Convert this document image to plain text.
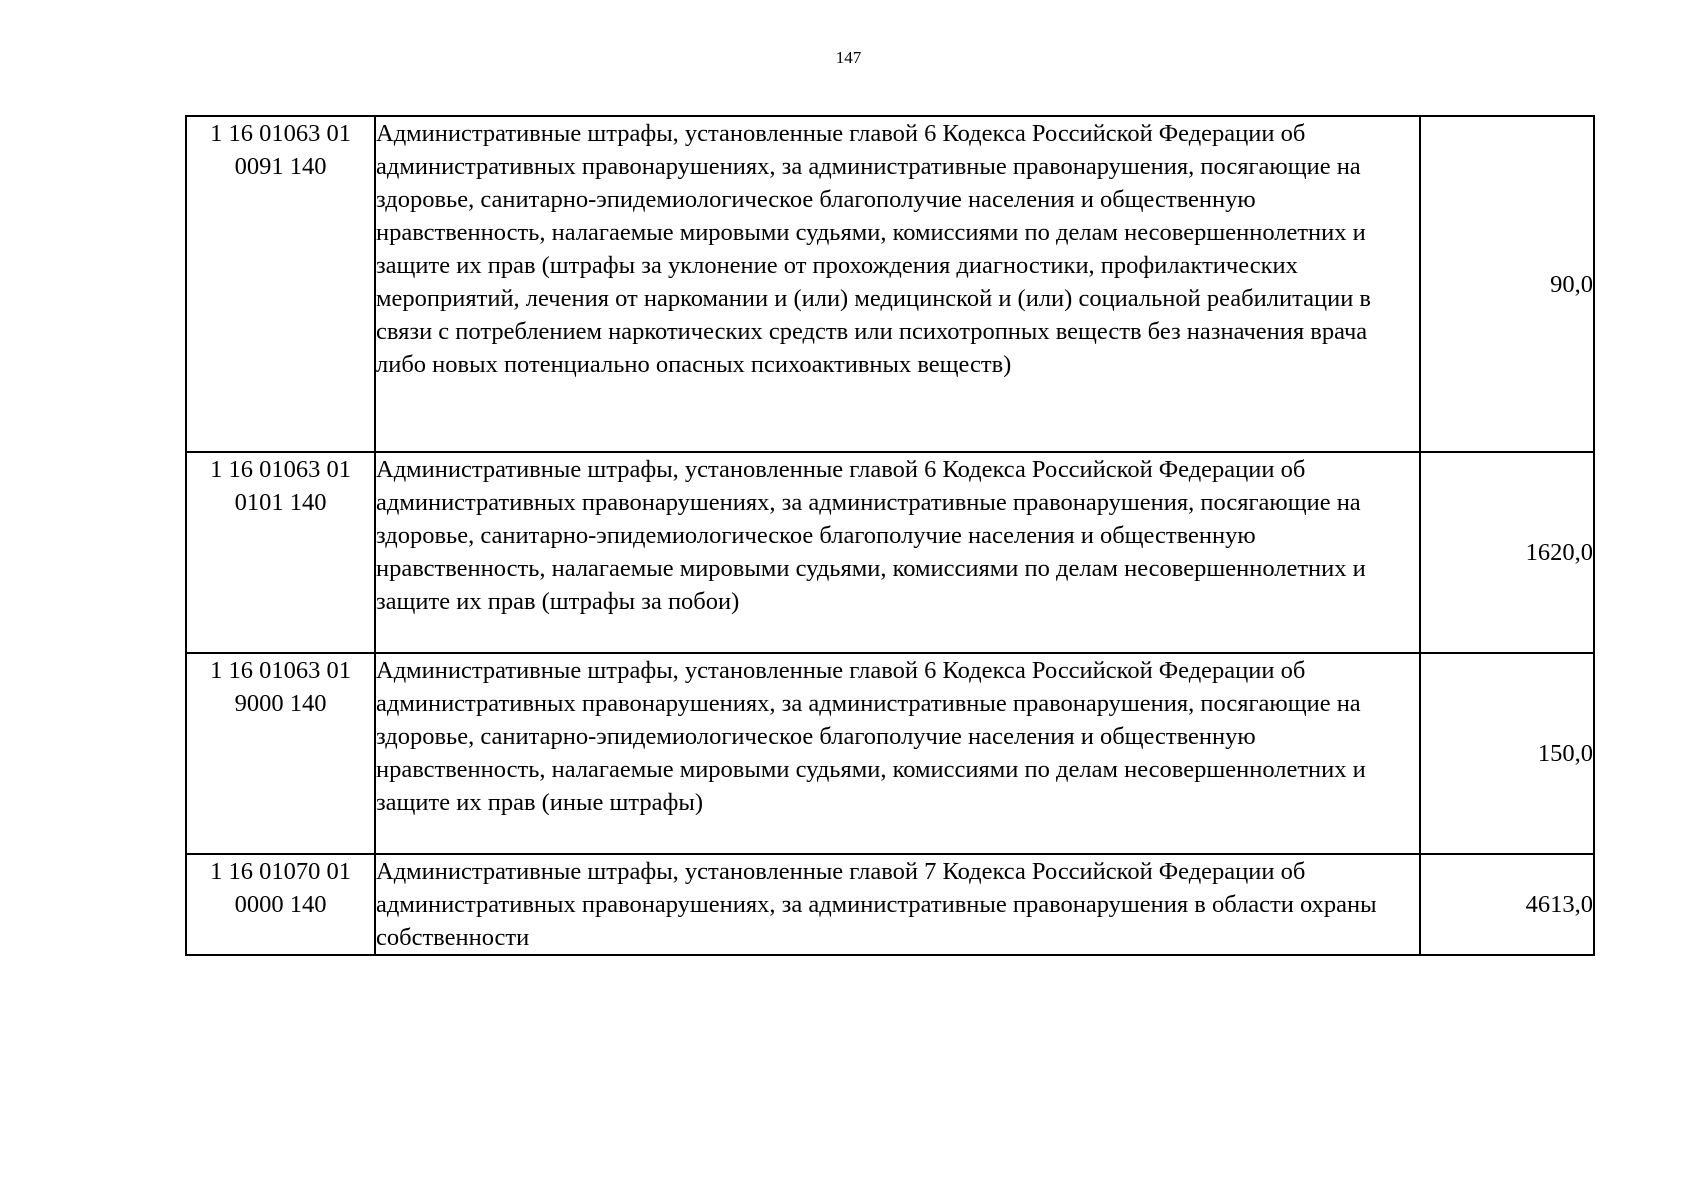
147
1 16 01063 01
0091 140	Административные штрафы, установленные главой 6 Кодекса Российской Федерации об административных правонарушениях, за административные правонарушения, посягающие на здоровье, санитарно-эпидемиологическое благополучие населения и общественную нравственность, налагаемые мировыми судьями, комиссиями по делам несовершеннолетних и защите их прав (штрафы за уклонение от прохождения диагностики, профилактических мероприятий, лечения от наркомании и (или) медицинской и (или) социальной реабилитации в связи с потреблением наркотических средств или психотропных веществ без назначения врача либо новых потенциально опасных психоактивных веществ)	90,0

1 16 01063 01
0101 140	Административные штрафы, установленные главой 6 Кодекса Российской Федерации об административных правонарушениях, за административные правонарушения, посягающие на здоровье, санитарно-эпидемиологическое благополучие населения и общественную нравственность, налагаемые мировыми судьями, комиссиями по делам несовершеннолетних и защите их прав (штрафы за побои)	1620,0

1 16 01063 01
9000 140	Административные штрафы, установленные главой 6 Кодекса Российской Федерации об административных правонарушениях, за административные правонарушения, посягающие на здоровье, санитарно-эпидемиологическое благополучие населения и общественную нравственность, налагаемые мировыми судьями, комиссиями по делам несовершеннолетних и защите их прав (иные штрафы)	150,0

1 16 01070 01
0000 140	Административные штрафы, установленные главой 7 Кодекса Российской Федерации об административных правонарушениях, за административные правонарушения в области охраны собственности	4613,0
